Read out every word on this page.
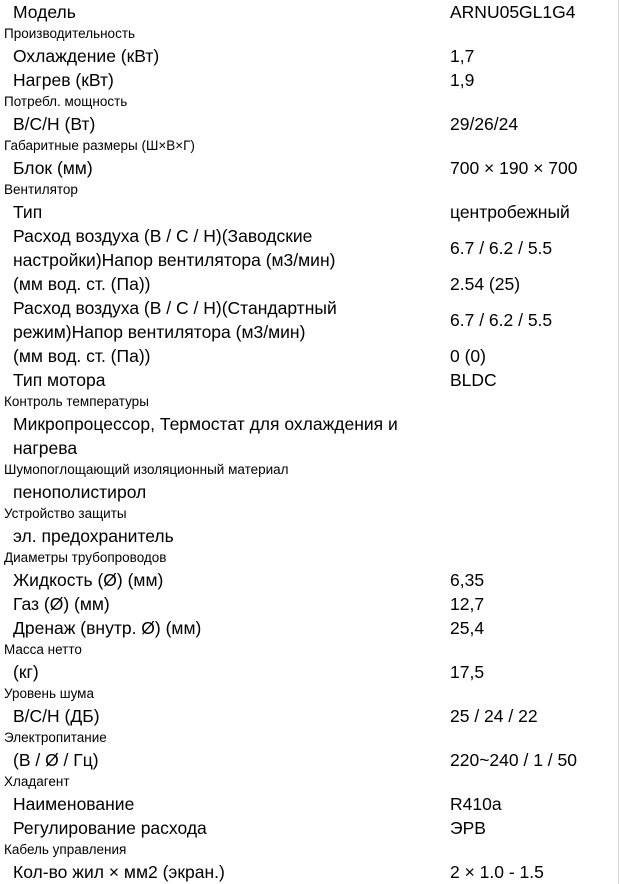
Модель	ARNU05GL1G4
Производительность
Охлаждение (кВт)	1,7
Нагрев (кВт)	1,9
Потребл. мощность
В/С/Н (Вт)	29/26/24
Габаритные размеры (Ш×В×Г)
Блок (мм)	700 × 190 × 700
Вентилятор
Тип	центробежный
Расход воздуха (В / С / Н)(Заводские настройки)Напор вентилятора (м3/мин)
6.7 / 6.2 / 5.5
(мм вод. ст. (Па))	2.54 (25)
Расход воздуха (В / С / Н)(Стандартный режим)Напор вентилятора (м3/мин)
6.7 / 6.2 / 5.5
(мм вод. ст. (Па))	0 (0)
Тип мотора	BLDC
Контроль температуры
Микропроцессор, Термостат для охлаждения и нагрева
Шумопоглощающий изоляционный материал
пенополистирол
Устройство защиты
эл. предохранитель
Диаметры трубопроводов
Жидкость (Ø) (мм)	6,35
Газ (Ø) (мм)	12,7
Дренаж (внутр. Ø) (мм)	25,4
Масса нетто
(кг)	17,5
Уровень шума
В/С/Н (ДБ)	25 / 24 / 22
Электропитание
(В / Ø / Гц)	220~240 / 1 / 50
Хладагент
Наименование	R410a
Регулирование расхода	ЭРВ
Кабель управления
Кол-во жил × мм2 (экран.)	2 × 1.0 - 1.5
